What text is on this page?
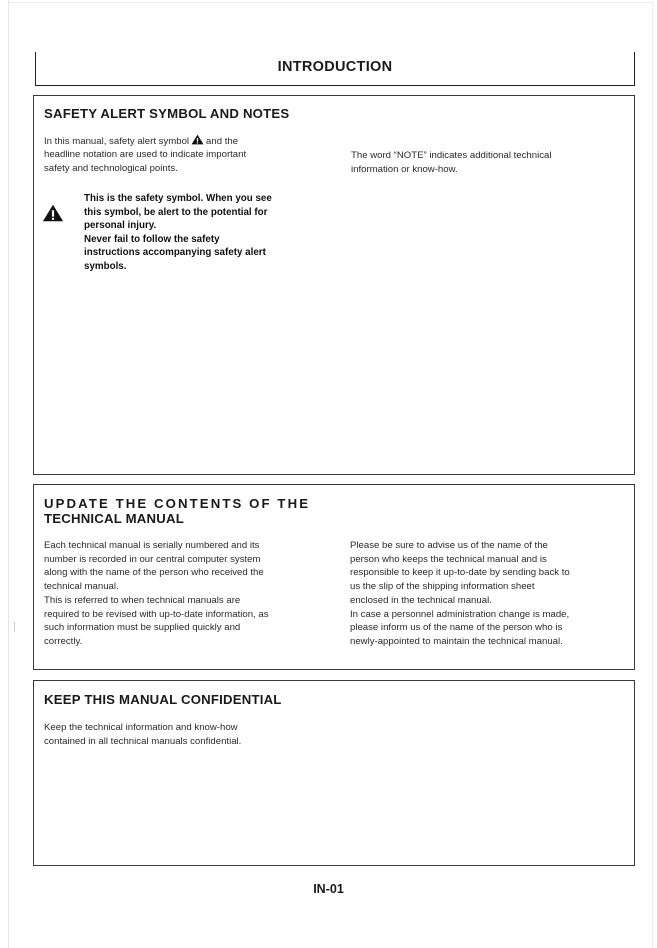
INTRODUCTION
SAFETY ALERT SYMBOL AND NOTES
In this manual, safety alert symbol and the
headline notation are used to indicate important
safety and technological points.
This is the safety symbol. When you see
this symbol, be alert to the potential for
personal injury.
Never fail to follow the safety
instructions accompanying safety alert
symbols.
The word “NOTE” indicates additional technical
information or know-how.
UPDATE THE CONTENTS OF THE
TECHNICAL MANUAL
Each technical manual is serially numbered and its
number is recorded in our central computer system
along with the name of the person who received the
technical manual.
This is referred to when technical manuals are
required to be revised with up-to-date information, as
such information must be supplied quickly and
correctly.
Please be sure to advise us of the name of the
person who keeps the technical manual and is
responsible to keep it up-to-date by sending back to
us the slip of the shipping information sheet
enclosed in the technical manual.
In case a personnel administration change is made,
please inform us of the name of the person who is
newly-appointed to maintain the technical manual.
KEEP THIS MANUAL CONFIDENTIAL
Keep the technical information and know-how
contained in all technical manuals confidential.
IN-01
